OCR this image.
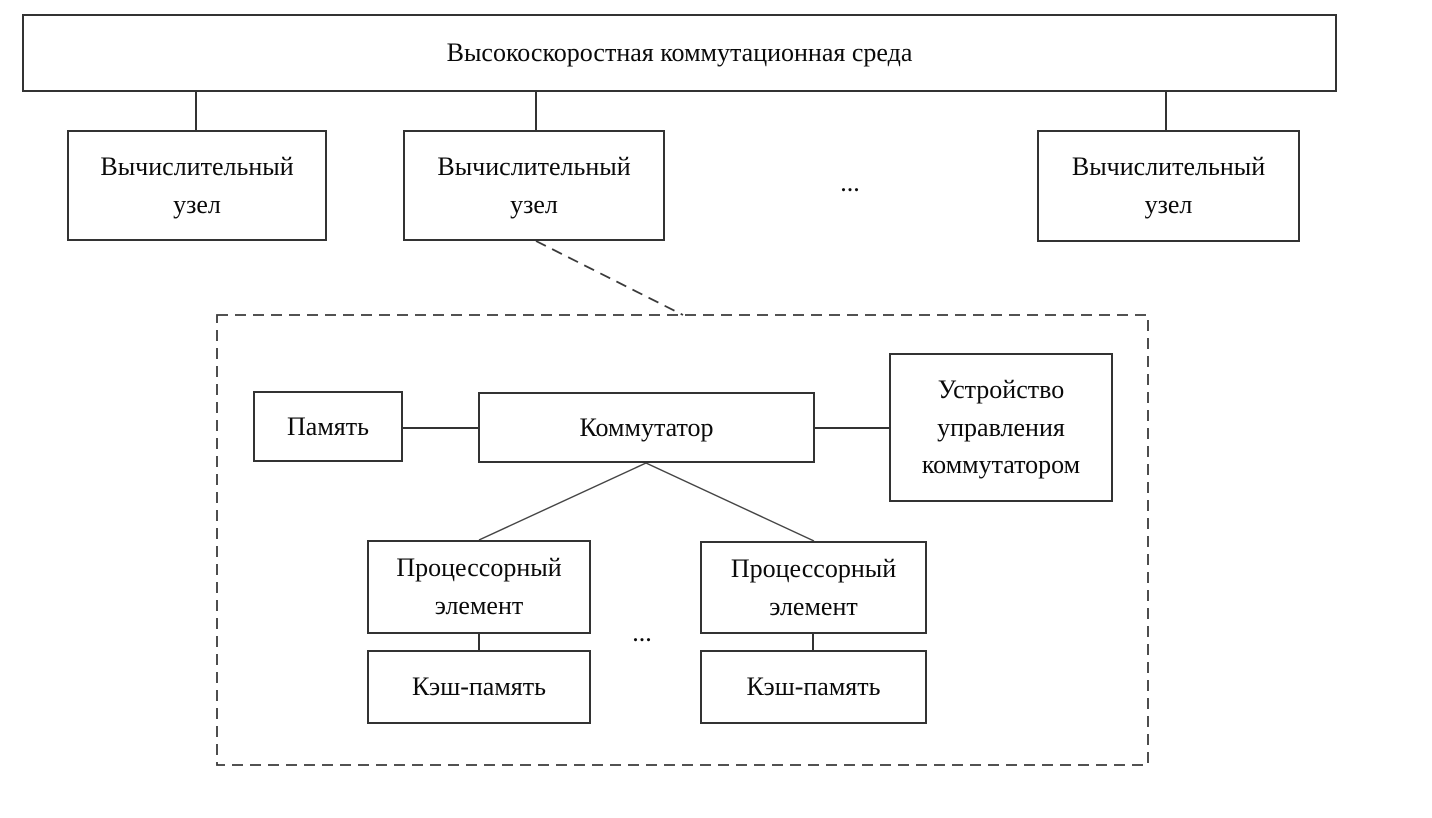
Высокоскоростная коммутационная среда
Вычислительный узел
Вычислительный узел
...
Вычислительный узел
Память	Коммутатор
Устройство управления коммутатором
Процессорный элемент
...
Процессорный элемент
Кэш-память	Кэш-память
